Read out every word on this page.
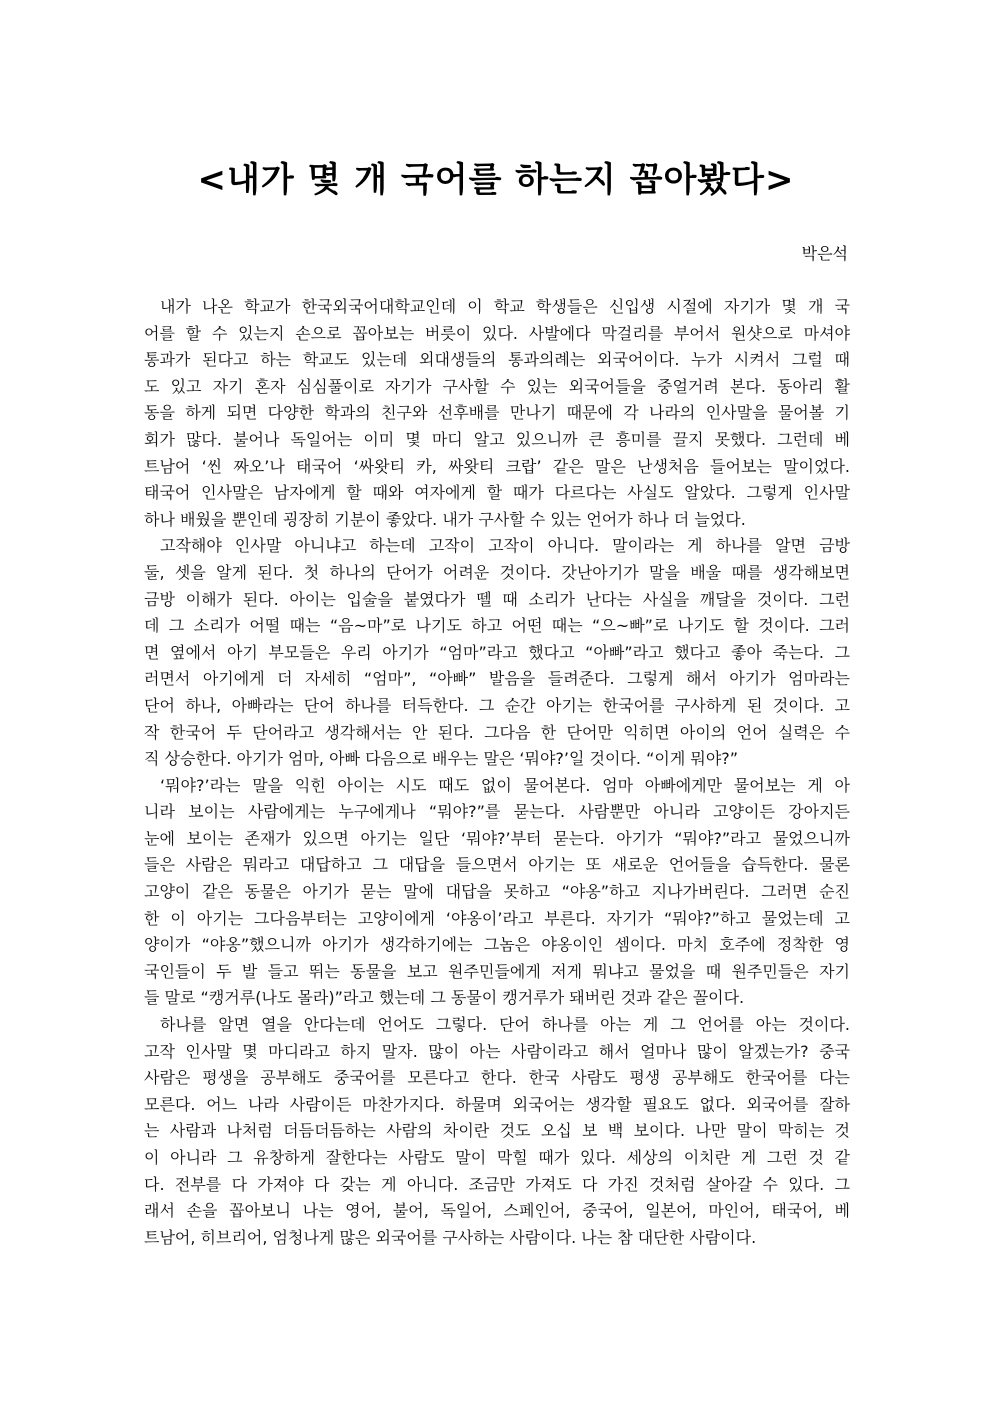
<내가 몇 개 국어를 하는지 꼽아봤다>
박은석
내가 나온 학교가 한국외국어대학교인데 이 학교 학생들은 신입생 시절에 자기가 몇 개 국
어를 할 수 있는지 손으로 꼽아보는 버릇이 있다. 사발에다 막걸리를 부어서 원샷으로 마셔야
통과가 된다고 하는 학교도 있는데 외대생들의 통과의례는 외국어이다. 누가 시켜서 그럴 때
도 있고 자기 혼자 심심풀이로 자기가 구사할 수 있는 외국어들을 중얼거려 본다. 동아리 활
동을 하게 되면 다양한 학과의 친구와 선후배를 만나기 때문에 각 나라의 인사말을 물어볼 기
회가 많다. 불어나 독일어는 이미 몇 마디 알고 있으니까 큰 흥미를 끌지 못했다. 그런데 베
트남어 ‘씬 짜오’나 태국어 ‘싸왓티 카, 싸왓티 크랍’ 같은 말은 난생처음 들어보는 말이었다.
태국어 인사말은 남자에게 할 때와 여자에게 할 때가 다르다는 사실도 알았다. 그렇게 인사말
하나 배웠을 뿐인데 굉장히 기분이 좋았다. 내가 구사할 수 있는 언어가 하나 더 늘었다.
고작해야 인사말 아니냐고 하는데 고작이 고작이 아니다. 말이라는 게 하나를 알면 금방
둘, 셋을 알게 된다. 첫 하나의 단어가 어려운 것이다. 갓난아기가 말을 배울 때를 생각해보면
금방 이해가 된다. 아이는 입술을 붙였다가 뗄 때 소리가 난다는 사실을 깨달을 것이다. 그런
데 그 소리가 어떨 때는 “음~마”로 나기도 하고 어떤 때는 “으~빠”로 나기도 할 것이다. 그러
면 옆에서 아기 부모들은 우리 아기가 “엄마”라고 했다고 “아빠”라고 했다고 좋아 죽는다. 그
러면서 아기에게 더 자세히 “엄마”, “아빠” 발음을 들려준다. 그렇게 해서 아기가 엄마라는
단어 하나, 아빠라는 단어 하나를 터득한다. 그 순간 아기는 한국어를 구사하게 된 것이다. 고
작 한국어 두 단어라고 생각해서는 안 된다. 그다음 한 단어만 익히면 아이의 언어 실력은 수
직 상승한다. 아기가 엄마, 아빠 다음으로 배우는 말은 ‘뭐야?’일 것이다. “이게 뭐야?”
‘뭐야?’라는 말을 익힌 아이는 시도 때도 없이 물어본다. 엄마 아빠에게만 물어보는 게 아
니라 보이는 사람에게는 누구에게나 “뭐야?”를 묻는다. 사람뿐만 아니라 고양이든 강아지든
눈에 보이는 존재가 있으면 아기는 일단 ‘뭐야?’부터 묻는다. 아기가 “뭐야?”라고 물었으니까
들은 사람은 뭐라고 대답하고 그 대답을 들으면서 아기는 또 새로운 언어들을 습득한다. 물론
고양이 같은 동물은 아기가 묻는 말에 대답을 못하고 “야옹”하고 지나가버린다. 그러면 순진
한 이 아기는 그다음부터는 고양이에게 ‘야옹이’라고 부른다. 자기가 “뭐야?”하고 물었는데 고
양이가 “야옹”했으니까 아기가 생각하기에는 그놈은 야옹이인 셈이다. 마치 호주에 정착한 영
국인들이 두 발 들고 뛰는 동물을 보고 원주민들에게 저게 뭐냐고 물었을 때 원주민들은 자기
들 말로 “캥거루(나도 몰라)”라고 했는데 그 동물이 캥거루가 돼버린 것과 같은 꼴이다.
하나를 알면 열을 안다는데 언어도 그렇다. 단어 하나를 아는 게 그 언어를 아는 것이다.
고작 인사말 몇 마디라고 하지 말자. 많이 아는 사람이라고 해서 얼마나 많이 알겠는가? 중국
사람은 평생을 공부해도 중국어를 모른다고 한다. 한국 사람도 평생 공부해도 한국어를 다는
모른다. 어느 나라 사람이든 마찬가지다. 하물며 외국어는 생각할 필요도 없다. 외국어를 잘하
는 사람과 나처럼 더듬더듬하는 사람의 차이란 것도 오십 보 백 보이다. 나만 말이 막히는 것
이 아니라 그 유창하게 잘한다는 사람도 말이 막힐 때가 있다. 세상의 이치란 게 그런 것 같
다. 전부를 다 가져야 다 갖는 게 아니다. 조금만 가져도 다 가진 것처럼 살아갈 수 있다. 그
래서 손을 꼽아보니 나는 영어, 불어, 독일어, 스페인어, 중국어, 일본어, 마인어, 태국어, 베
트남어, 히브리어, 엄청나게 많은 외국어를 구사하는 사람이다. 나는 참 대단한 사람이다.
